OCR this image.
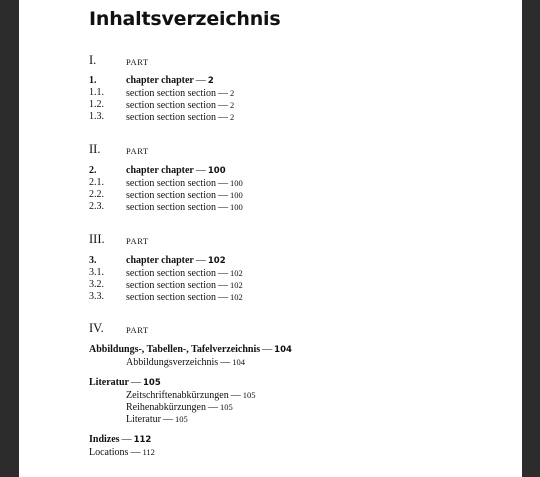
Inhaltsverzeichnis
I.	PART
1.	chapter chapter — 2
1.1. section section section — 2
1.2. section section section — 2
1.3. section section section — 2
II.	PART
2.	chapter chapter — 100
2.1. section section section — 100
2.2. section section section — 100
2.3. section section section — 100
III.	PART
3.	chapter chapter — 102
3.1. section section section — 102
3.2. section section section — 102
3.3. section section section — 102
IV.	PART
Abbildungs-, Tabellen-, Tafelverzeichnis — 104
Abbildungsverzeichnis — 104
Literatur — 105
Zeitschriftenabkürzungen — 105
Reihenabkürzungen — 105
Literatur — 105
Indizes — 112
Locations — 112
